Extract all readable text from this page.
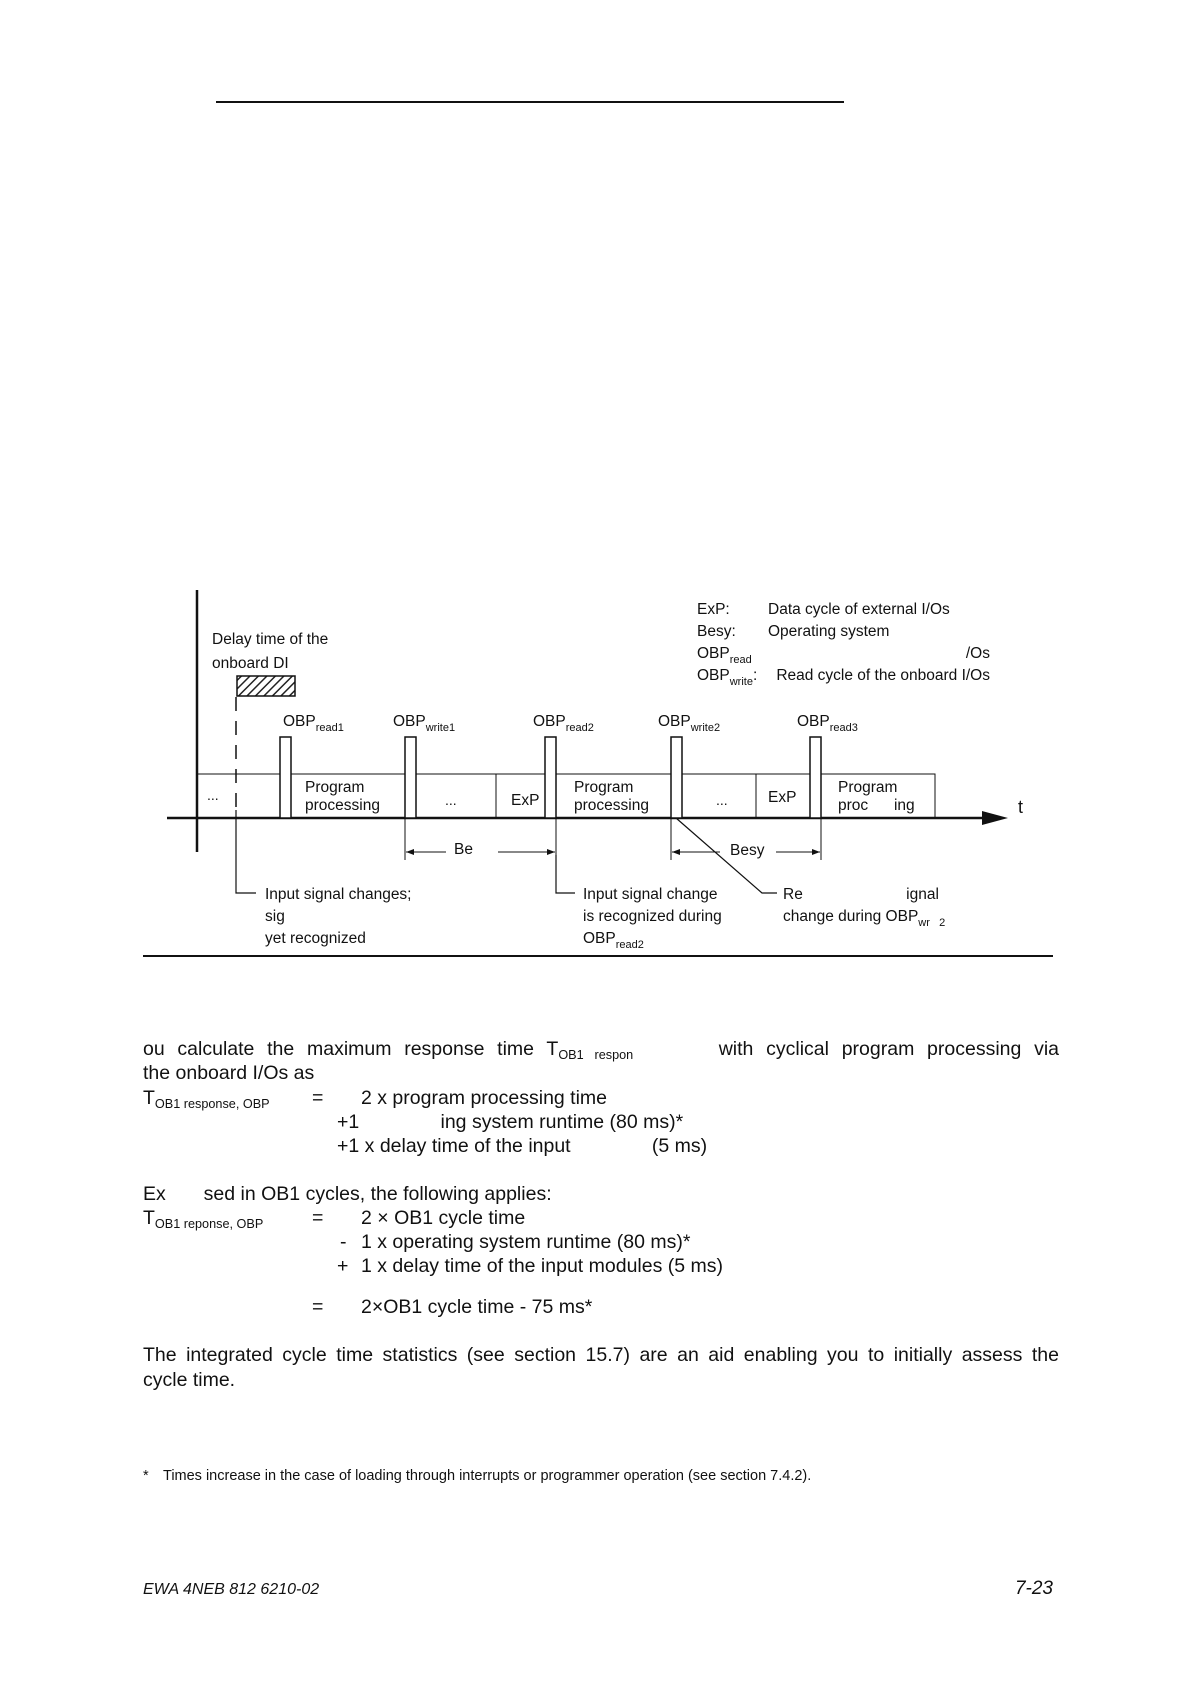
t
Delay time of the
onboard DI
...	Program
processing	...	ExP
Program
processing	...	ExP
Program
proc      ing
$OBP_{read1}$	$OBP_{write1}$	$OBP_{read2}$	$OBP_{write2}$	$OBP_{read3}$
ExP: Data cycle of external I/Os
Besy: Operating system
$OBP_{read}$	/Os
$OBP_{write}$: Read cycle of the onboard I/Os
Be	Besy
Input signal changes;
sig
yet recognized
Input signal change
is recognized during
$OBP_{read2}$
Re                        ignal
change during $OBP_{wr 2}$
ou calculate the maximum response time $T_{OB1 respon}$	with cyclical program processing via
the onboard I/Os as
$T_{OB1 response, OBP} = 2$ x program processing time
+1               ing system runtime (80 ms)*
+1 x delay time of the input               (5 ms)
Ex       sed in OB1 cycles, the following applies:
$T_{OB1 reponse, OBP} = 2 \times OB1$ cycle time
- 1 x operating system runtime (80 ms)*
+ 1 x delay time of the input modules (5 ms)
= 2×OB1 cycle time - 75 ms*
The integrated cycle time statistics (see section 15.7) are an aid enabling you to initially assess the
cycle time.
* Times increase in the case of loading through interrupts or programmer operation (see section 7.4.2).
EWA 4NEB 812 6210-02	7-23
